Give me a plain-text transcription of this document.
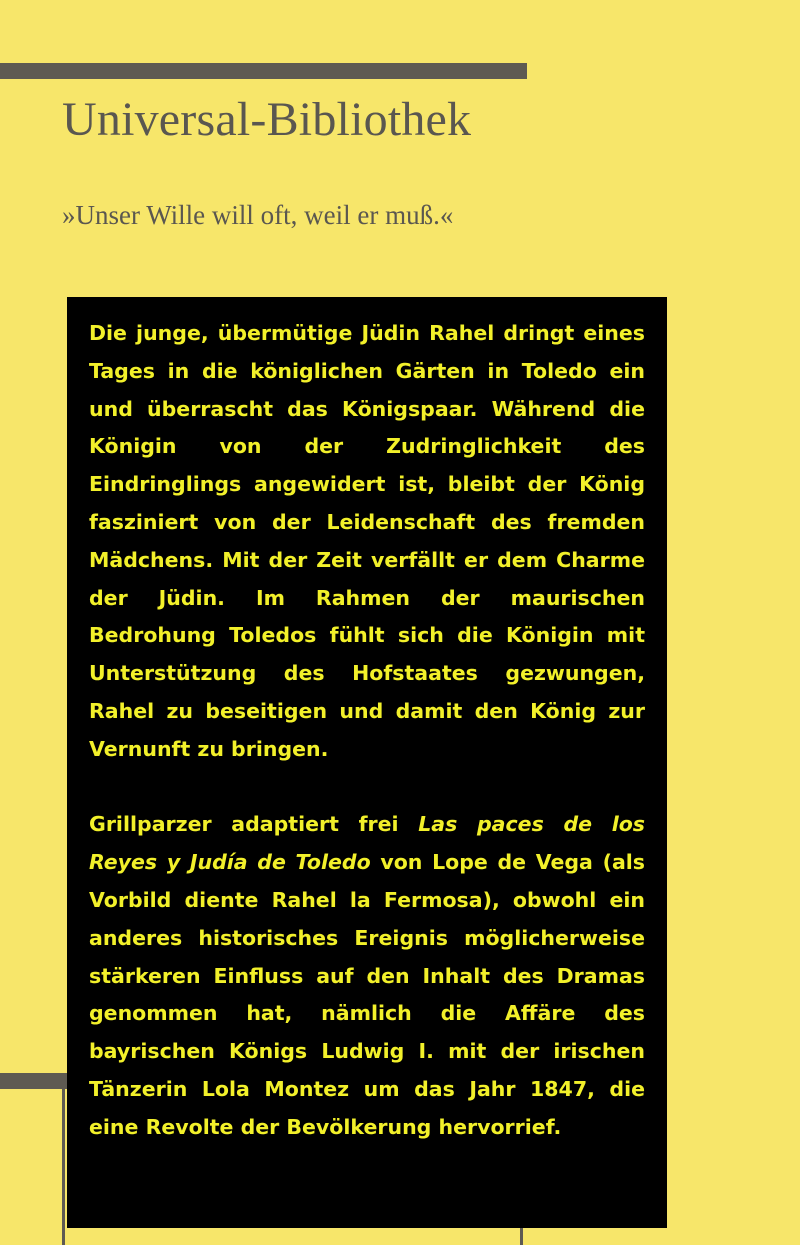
Universal-Bibliothek
»Unser Wille will oft, weil er muß.«

Die junge, übermütige Jüdin Rahel dringt eines Tages in die königlichen Gärten in Toledo ein und überrascht das Königspaar. Während die Königin von der Zudringlichkeit des Eindringlings angewidert ist, bleibt der König fasziniert von der Leidenschaft des fremden Mädchens. Mit der Zeit verfällt er dem Charme der Jüdin. Im Rahmen der maurischen Bedrohung Toledos fühlt sich die Königin mit Unterstützung des Hofstaates gezwungen, Rahel zu beseitigen und damit den König zur Vernunft zu bringen.

Grillparzer adaptiert frei Las paces de los Reyes y Judía de Toledo von Lope de Vega (als Vorbild diente Rahel la Fermosa), obwohl ein anderes historisches Ereignis möglicherweise stärkeren Einfluss auf den Inhalt des Dramas genommen hat, nämlich die Affäre des bayrischen Königs Ludwig I. mit der irischen Tänzerin Lola Montez um das Jahr 1847, die eine Revolte der Bevölkerung hervorrief.
